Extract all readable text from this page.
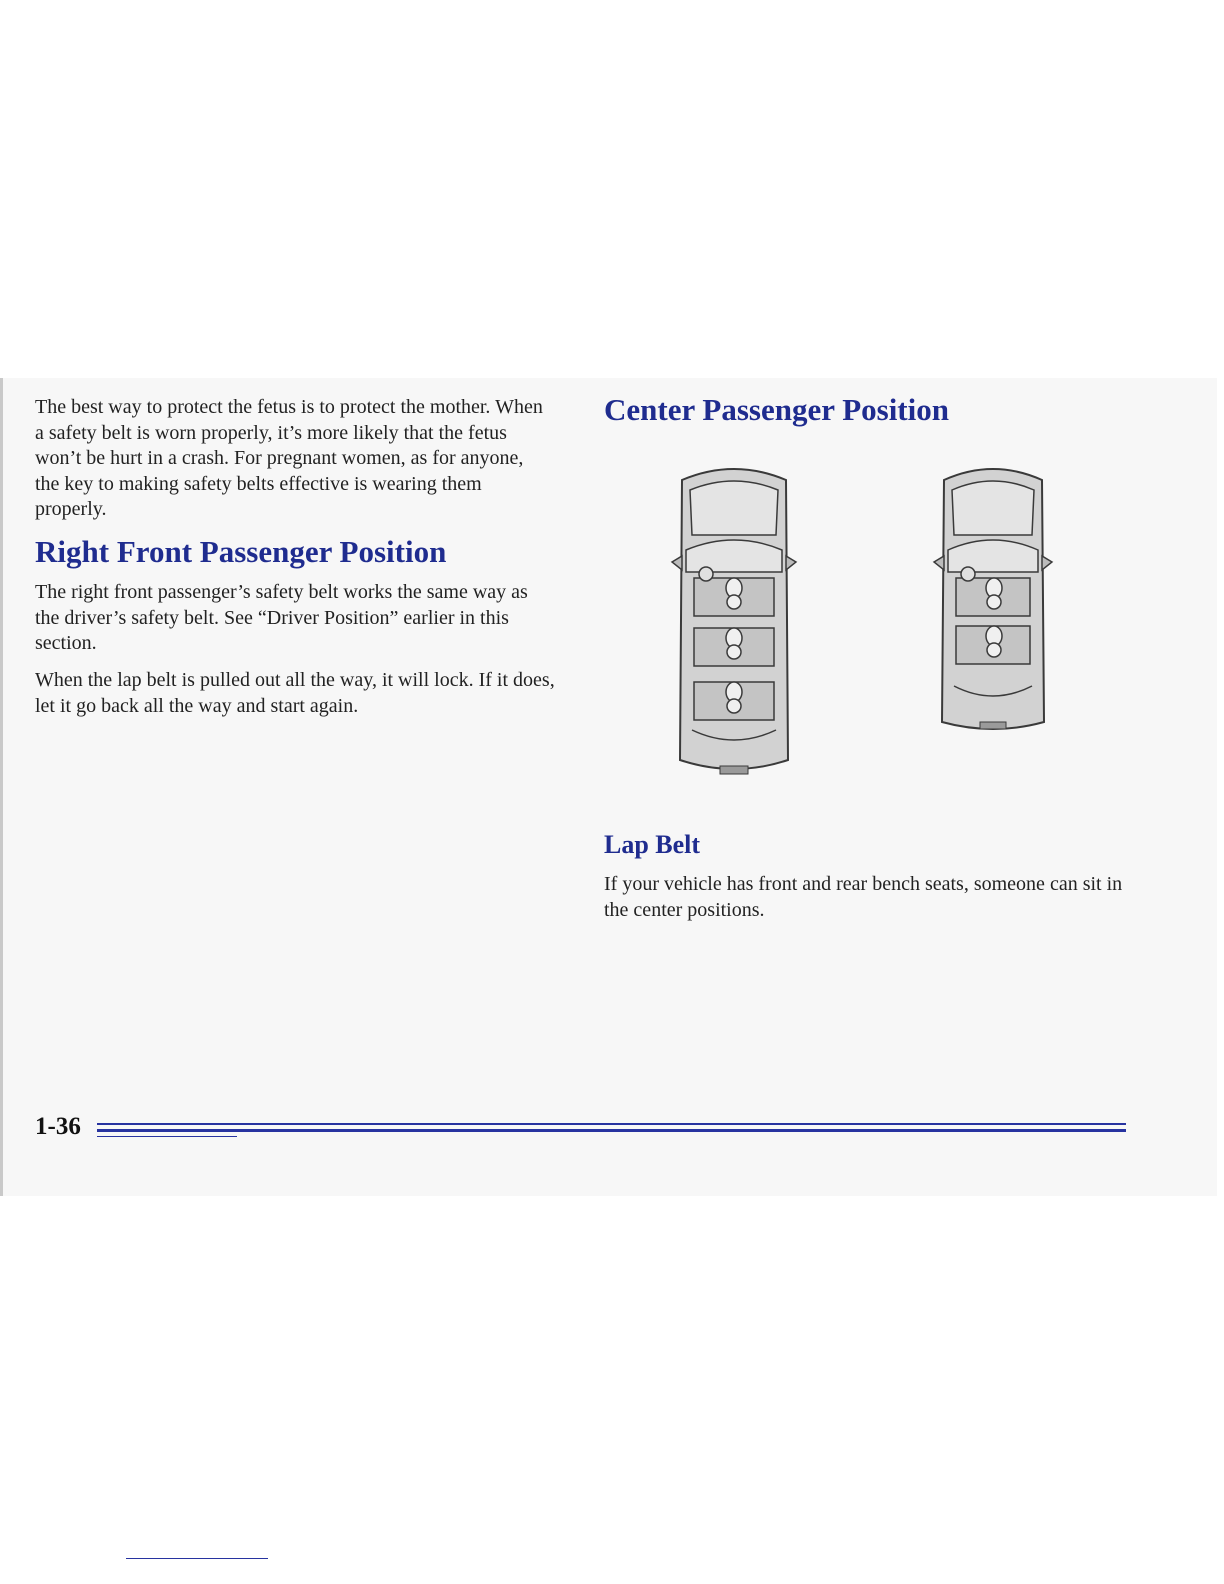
The best way to protect the fetus is to protect the mother. When a safety belt is worn properly, it’s more likely that the fetus won’t be hurt in a crash. For pregnant women, as for anyone, the key to making safety belts effective is wearing them properly.

Right Front Passenger Position

The right front passenger’s safety belt works the same way as the driver’s safety belt. See “Driver Position” earlier in this section.

When the lap belt is pulled out all the way, it will lock. If it does, let it go back all the way and start again.

Center Passenger Position
Lap Belt

If your vehicle has front and rear bench seats, someone can sit in the center positions.

1-36
